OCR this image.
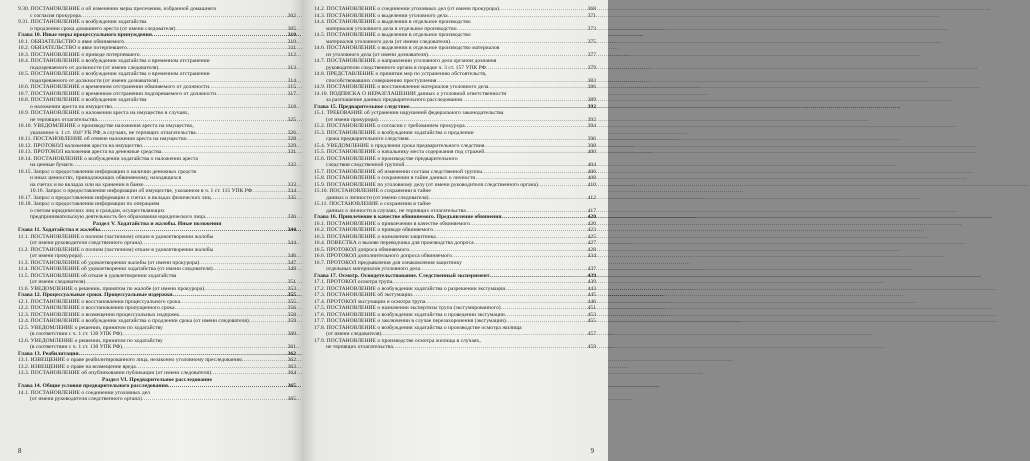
9.30. ПОСТАНОВЛЕНИЕ о об изменении меры пресечения, избранной домашнего
с согласия прокурора .....	302
9.31. ПОСТАНОВЛЕНИЕ о возбуждении ходатайства
о продлении срока домашнего ареста (от имени следователя) .....	305
Глава 10. Иные меры процессуального принуждения .....	310
10.1. ОБЯЗАТЕЛЬСТВО о явке обвиняемого .....	310
10.2. ОБЯЗАТЕЛЬСТВО о явке потерпевшего .....	311
10.3. ПОСТАНОВЛЕНИЕ о приводе потерпевшего .....	312
10.4. ПОСТАНОВЛЕНИЕ о возбуждении ходатайства о временном отстранении
подозреваемого от должности (от имени следователя) .....	313
10.5. ПОСТАНОВЛЕНИЕ о возбуждении ходатайства о временном отстранении
подозреваемого от должности (от имени дознавателя) .....	314
10.6. ПОСТАНОВЛЕНИЕ о временном отстранении обвиняемого от должности .....	315
10.7. ПОСТАНОВЛЕНИЕ о временном отстранении подозреваемого от должности .....	317
10.8. ПОСТАНОВЛЕНИЕ о возбуждении ходатайства
о наложении ареста на имущество .....	318
10.9. ПОСТАНОВЛЕНИЕ о наложении ареста на имущество в случаях,
не терпящих отлагательства .....	325
10.10. УВЕДОМЛЕНИЕ о производстве наложения ареста на имущество,
указанное ч. 1 ст. 104³ УК РФ, в случаях, не терпящих отлагательства .....	326
10.11. ПОСТАНОВЛЕНИЕ об отмене наложения ареста на имущество .....	328
10.12. ПРОТОКОЛ наложения ареста на имущество .....	329
10.13. ПРОТОКОЛ наложения ареста на денежные средства .....	331
10.14. ПОСТАНОВЛЕНИЕ о возбуждении ходатайства о наложении ареста
на ценные бумаги .....	332
10.15. Запрос о предоставлении информации о наличии денежных средств
и иных ценностях, принадлежащих обвиняемому, находящихся
на счетах и во вкладах или на хранении в банке .....	333
10.16. Запрос о предоставлении информации об имуществе, указанном в ч. 1 ст. 115 УПК РФ .....	334
10.17. Запрос о предоставлении информации о счетах и вкладах физических лиц .....	335
10.18. Запрос о предоставлении информации по операциям
о счетам юридических лиц и граждан, осуществляющих
предпринимательскую деятельность без образования юридического лица .....	336
Раздел V. Ходатайства и жалобы. Иные положения
Глава 11. Ходатайства и жалобы .....	344
11.1. ПОСТАНОВЛЕНИЕ о полном (частичном) отказе в удовлетворении жалобы
(от имени руководителя следственного органа) .....	344
11.2. ПОСТАНОВЛЕНИЕ о полном (частичном) отказе в удовлетворении жалобы
(от имени прокурора) .....	346
11.3. ПОСТАНОВЛЕНИЕ об удовлетворении жалобы (от имени прокурора) .....	347
11.4. ПОСТАНОВЛЕНИЕ об удовлетворении ходатайства (от имени следователя) .....	349
11.5. ПОСТАНОВЛЕНИЕ об отказе в удовлетворении ходатайства
(от имени следователя) .....	351
11.6. УВЕДОМЛЕНИЕ о решении, принятом по жалобе (от имени прокурора) .....	353
Глава 12. Процессуальные сроки. Процессуальные издержки .....	355
12.1. ПОСТАНОВЛЕНИЕ о восстановлении процессуального срока .....	355
12.2. ПОСТАНОВЛЕНИЕ о восстановлении пропущенного срока .....	356
12.3. ПОСТАНОВЛЕНИЕ о возмещении процессуальных издержек .....	358
12.4. ПОСТАНОВЛЕНИЕ о возбуждении ходатайства о продлении срока (от имени следователя) .....	359
12.5. УВЕДОМЛЕНИЕ о решении, принятом по ходатайству
(в соответствии с ч. 1 ст. 130 УПК РФ) .....	360
12.6. УВЕДОМЛЕНИЕ о решении, принятом по ходатайству
(в соответствии с ч. 1 ст. 130 УПК РФ) .....	361
Глава 13. Реабилитация .....	362
13.1. ИЗВЕЩЕНИЕ о праве реабилитированного лица, незаконно уголовному преследованию .....	362
13.2. ИЗВЕЩЕНИЕ о праве на возмещение вреда .....	363
13.3. ПОСТАНОВЛЕНИЕ об опубликовании публикации (от имени следователя) .....	364
Раздел VI. Предварительное расследование
Глава 14. Общие условия предварительного расследования .....	365
14.1. ПОСТАНОВЛЕНИЕ о соединении уголовных дел
(от имени руководителя следственного органа) .....	365
8
14.2. ПОСТАНОВЛЕНИЕ о соединении уголовных дел (от имени прокурора) .....	368
14.3. ПОСТАНОВЛЕНИЕ о выделении уголовного дела .....	371
14.4. ПОСТАНОВЛЕНИЕ о выделении в отдельное производство
материалов уголовного дела в отдельное производство .....	373
14.5. ПОСТАНОВЛЕНИЕ о выделении в отдельное производство
материалов уголовного дела (от имени следователя) .....	375
14.6. ПОСТАНОВЛЕНИЕ о выделении в отдельное производство материалов
из уголовного дела (от имени дознавателя) .....	377
14.7. ПОСТАНОВЛЕНИЕ о направлении уголовного дела органом дознания
руководителю следственного органа в порядке ч. 3 ст. 157 УПК РФ .....	379
14.8. ПРЕДСТАВЛЕНИЕ о принятии мер по устранению обстоятельств,
способствовавших совершению преступления .....	383
14.9. ПОСТАНОВЛЕНИЕ о восстановлении материалов уголовного дела .....	386
14.10. ПОДПИСКА О НЕРАЗГЛАШЕНИИ данных о уголовной ответственности
за разглашение данных предварительного расследования .....	389
Глава 15. Предварительное следствие .....	392
15.1. ТРЕБОВАНИЕ об устранении нарушений федерального законодательства
(от имени прокурора) .....	392
15.2. ПОСТАНОВЛЕНИЕ о согласии с требованием прокурора .....	394
15.3. ПОСТАНОВЛЕНИЕ о возбуждении ходатайства о продлении
срока предварительного следствия .....	396
15.4. УВЕДОМЛЕНИЕ о продлении срока предварительного следствия .....	398
15.5. ПОСТАНОВЛЕНИЕ о начальнику места содержания под стражей .....	400
15.6. ПОСТАНОВЛЕНИЕ о производстве предварительного
следствия следственной группой .....	404
15.7. ПОСТАНОВЛЕНИЕ об изменении состава следственной группы .....	406
15.8. ПОСТАНОВЛЕНИЕ о сохранении в тайне данных о личности .....	408
15.9. ПОСТАНОВЛЕНИЕ по уголовному делу (от имени руководителя следственного органа) .....	410
15.10. ПОСТАНОВЛЕНИЕ о сохранении в тайне
данных о личности (от имени следователя) .....	412
15.11. ПОСТАНОВЛЕНИЕ о сохранении в тайне
данных о личности в случаях, не терпящих отлагательства .....	417
Глава 16. Привлечение в качестве обвиняемого. Предъявление обвинения .....	420
16.1. ПОСТАНОВЛЕНИЕ о привлечении в качестве обвиняемого .....	420
16.2. ПОСТАНОВЛЕНИЕ о приводе обвиняемого .....	423
16.3. ПОСТАНОВЛЕНИЕ о назначении защитника .....	425
16.4. ПОВЕСТКА о вызове переводчика для производства допроса .....	427
16.5. ПРОТОКОЛ допроса обвиняемого .....	428
16.6. ПРОТОКОЛ дополнительного допроса обвиняемого .....	434
16.7. ПРОТОКОЛ предъявления для ознакомления защитнику
отдельных материалов уголовного дела .....	437
Глава 17. Осмотр. Освидетельствование. Следственный эксперимент .....	439
17.1. ПРОТОКОЛ осмотра трупа .....	439
17.2. ПОСТАНОВЛЕНИЕ о возбуждении ходатайства о разрешении эксгумации .....	443
17.3. ПОСТАНОВЛЕНИЕ об эксгумации .....	445
17.4. ПРОТОКОЛ эксгумации и осмотра трупа .....	446
17.5. ПОСТАНОВЛЕНИЕ о назначении экспертизы трупа (эксгумированного) .....	451
17.6. ПОСТАНОВЛЕНИЕ о возбуждении ходатайства о проведении эксгумации .....	453
17.7. ПОСТАНОВЛЕНИЕ о заключении в случае перезахоронения (эксгумации) .....	455
17.8. ПОСТАНОВЛЕНИЕ о возбуждении ходатайства о производстве осмотра жилища
(от имени следователя) .....	457
17.9. ПОСТАНОВЛЕНИЕ о производстве осмотра жилища в случаях,
не терпящих отлагательства .....	459
9
